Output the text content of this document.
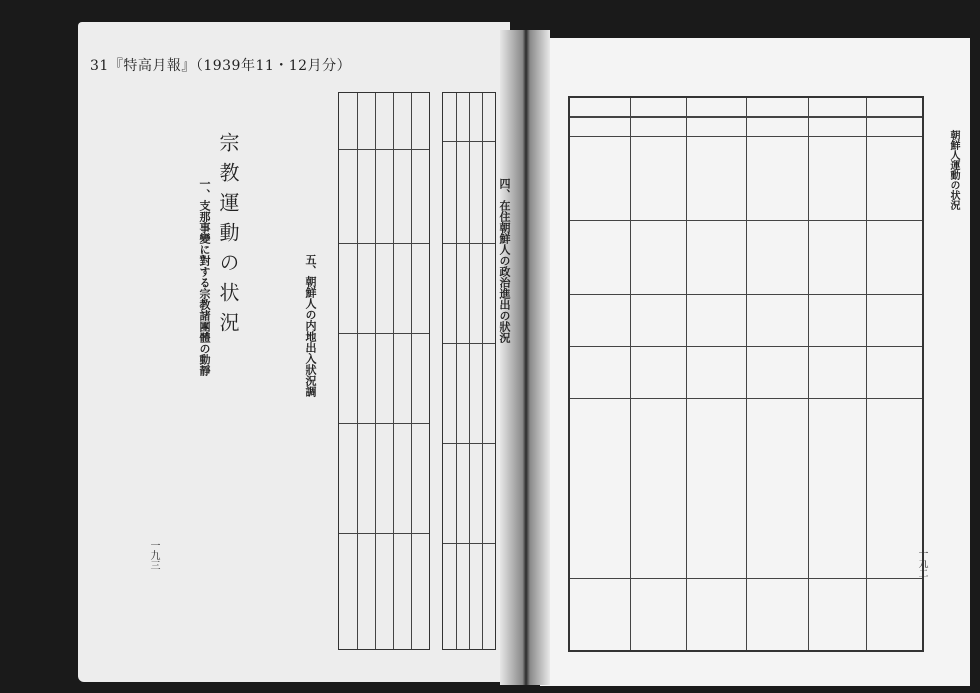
31『特高月報』（1939年11・12月分）
宗教運動の状況
一、支那事變に對する宗教諸團體の動靜	四、在住朝鮮人の政治進出の狀況
五、朝鮮人の内地出入狀況調
一九三
朝鮮人運動の状況
一九二
